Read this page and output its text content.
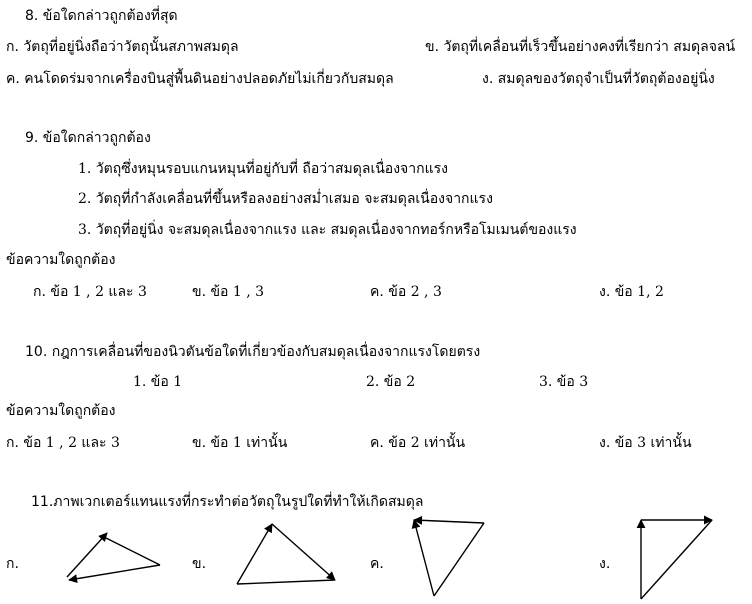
8. ข้อใดกล่าวถูกต้องที่สุด
ก. วัตถุที่อยู่นิ่งถือว่าวัตถุนั้นสภาพสมดุล	ข. วัตถุที่เคลื่อนที่เร็วขึ้นอย่างคงที่เรียกว่า สมดุลจลน์
ค. คนโดดร่มจากเครื่องบินสู่พื้นดินอย่างปลอดภัยไม่เกี่ยวกับสมดุล	ง. สมดุลของวัตถุจำเป็นที่วัตถุต้องอยู่นิ่ง
9. ข้อใดกล่าวถูกต้อง
1. วัตถุซึ่งหมุนรอบแกนหมุนที่อยู่กับที่ ถือว่าสมดุลเนื่องจากแรง
2. วัตถุที่กำลังเคลื่อนที่ขึ้นหรือลงอย่างสม่ำเสมอ จะสมดุลเนื่องจากแรง
3. วัตถุที่อยู่นิ่ง จะสมดุลเนื่องจากแรง และ สมดุลเนื่องจากทอร์กหรือโมเมนต์ของแรง
ข้อความใดถูกต้อง
ก. ข้อ 1 , 2 และ 3	ข. ข้อ 1 , 3	ค. ข้อ 2 , 3	ง. ข้อ 1, 2
10. กฎการเคลื่อนที่ของนิวตันข้อใดที่เกี่ยวข้องกับสมดุลเนื่องจากแรงโดยตรง
1. ข้อ 1	2. ข้อ 2	3. ข้อ 3
ข้อความใดถูกต้อง
ก. ข้อ 1 , 2 และ 3	ข. ข้อ 1 เท่านั้น	ค. ข้อ 2 เท่านั้น	ง. ข้อ 3 เท่านั้น
11.ภาพเวกเตอร์แทนแรงที่กระทำต่อวัตถุในรูปใดที่ทำให้เกิดสมดุล
ก.	ข.	ค.	ง.
